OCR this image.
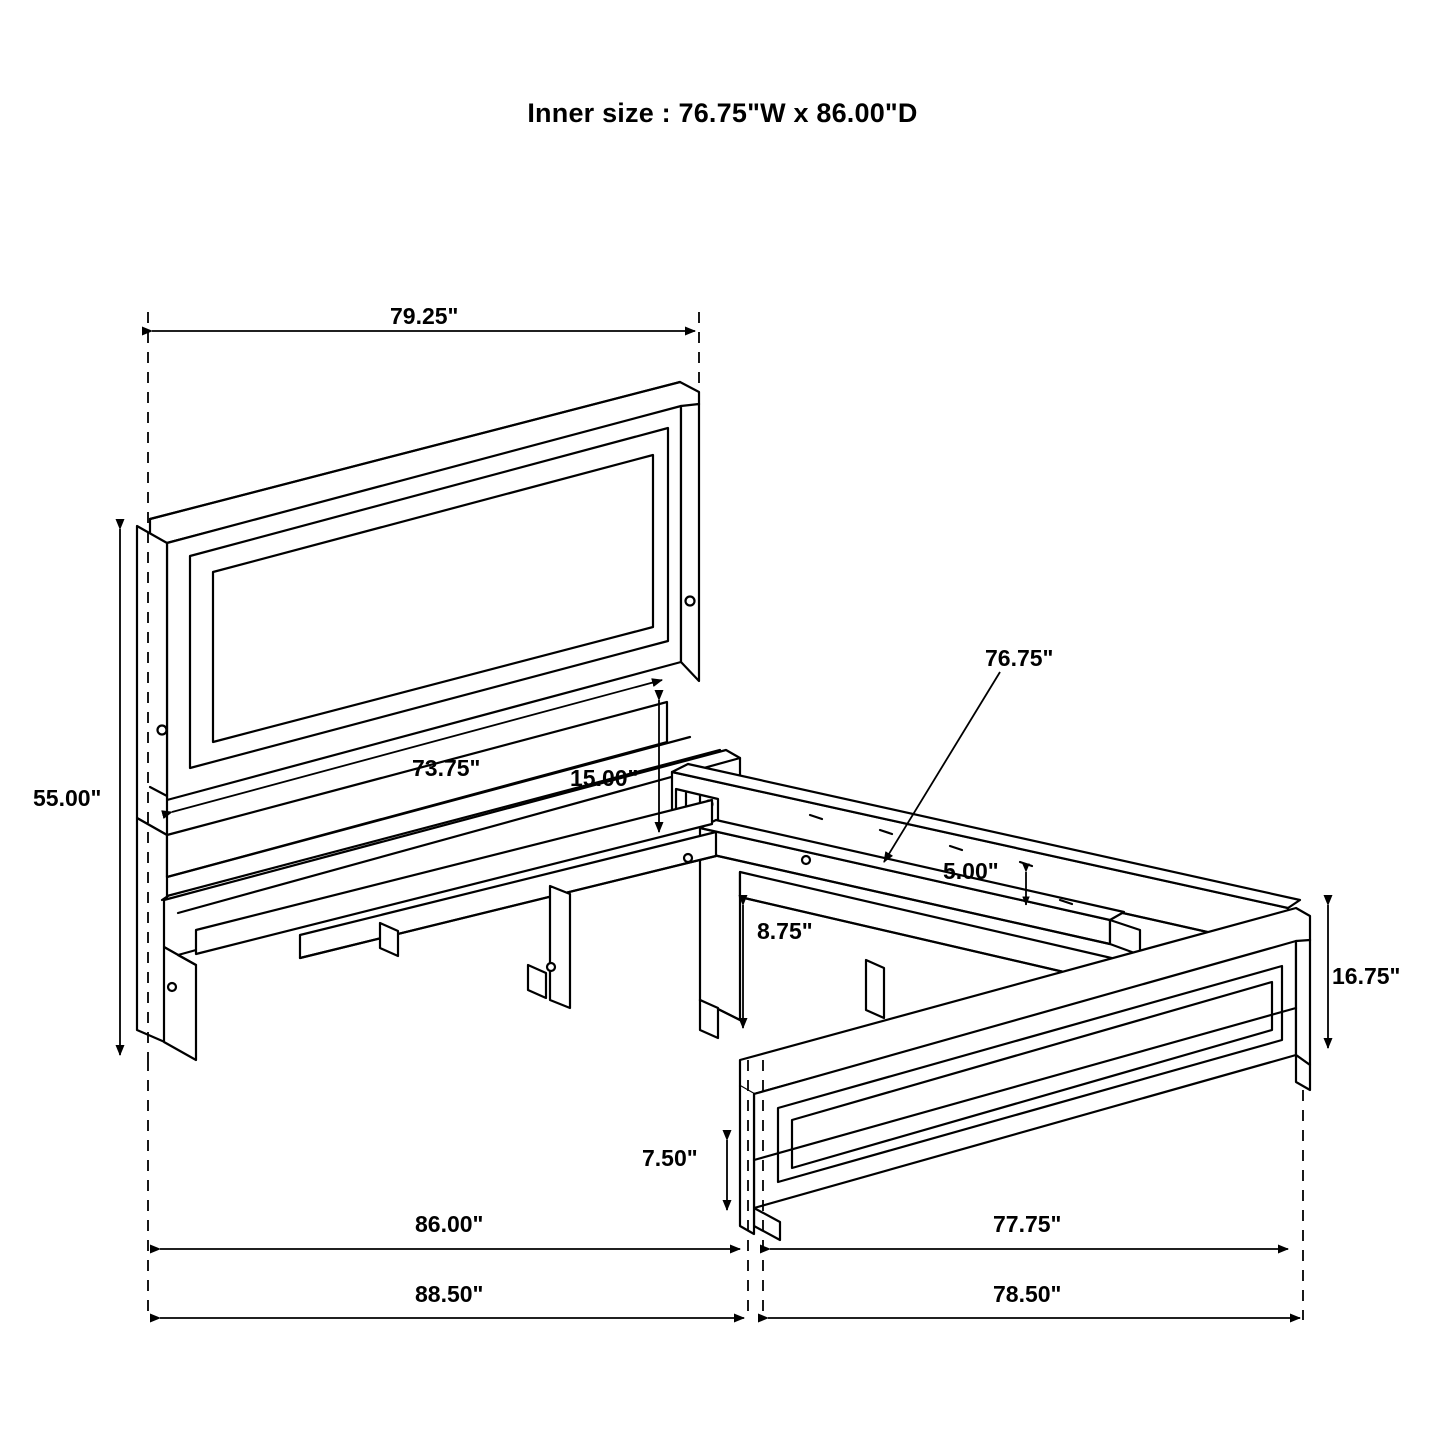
Inner size : 76.75"W x 86.00"D
79.25"
55.00"
73.75"	15.00"
76.75"
5.00"
8.75"
16.75"
7.50"
86.00"	77.75"
88.50"	78.50"
